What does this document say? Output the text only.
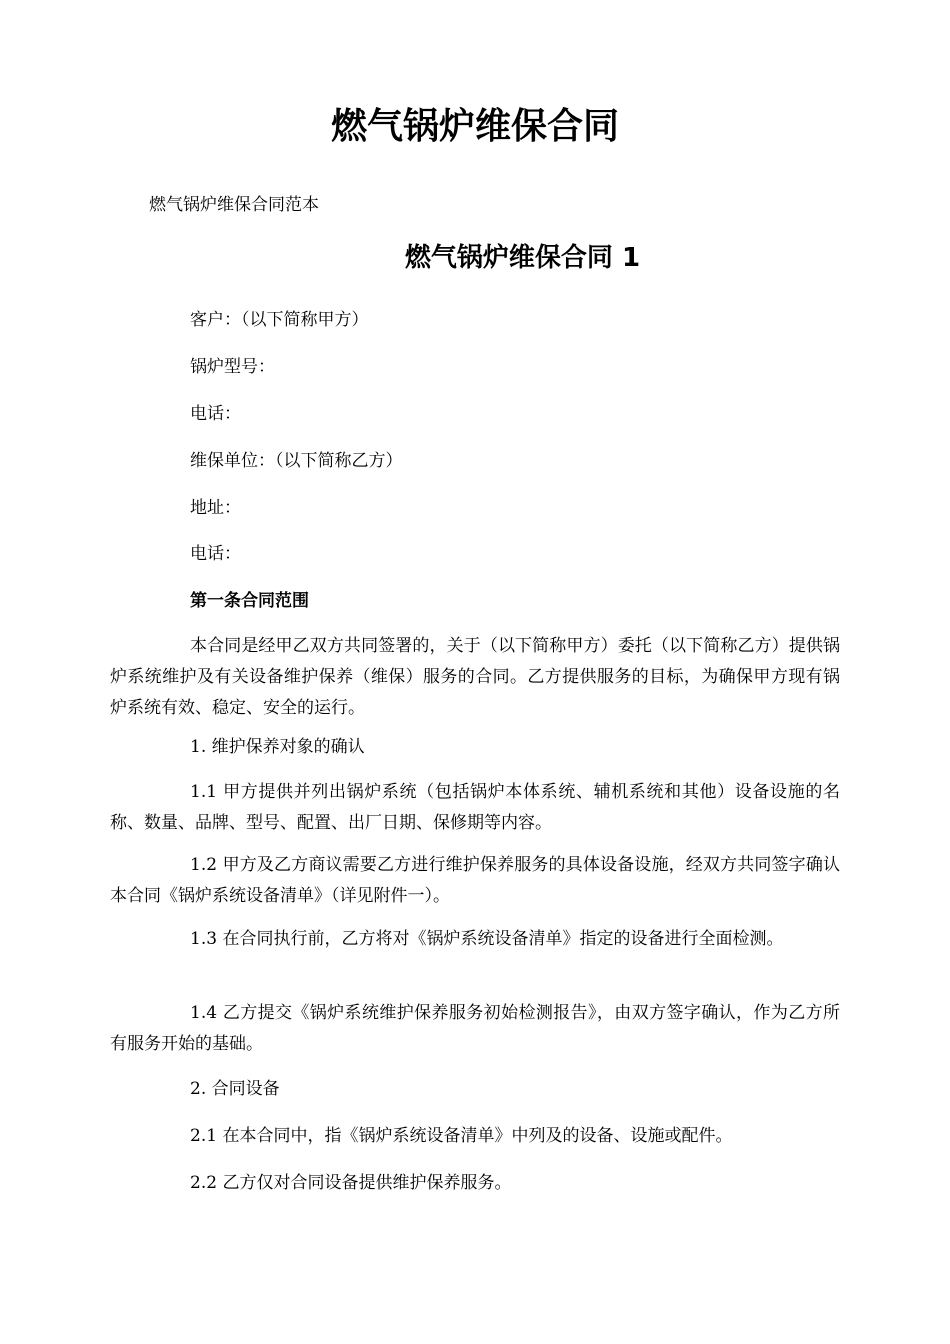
燃气锅炉维保合同

燃气锅炉维保合同范本

燃气锅炉维保合同 1

客户：（以下简称甲方）

锅炉型号：

电话：

维保单位：（以下简称乙方）

地址：

电话：

第一条合同范围

本合同是经甲乙双方共同签署的，关于（以下简称甲方）委托（以下简称乙方）提供锅炉系统维护及有关设备维护保养（维保）服务的合同。乙方提供服务的目标，为确保甲方现有锅炉系统有效、稳定、安全的运行。

1. 维护保养对象的确认

1.1 甲方提供并列出锅炉系统（包括锅炉本体系统、辅机系统和其他）设备设施的名称、数量、品牌、型号、配置、出厂日期、保修期等内容。

1.2 甲方及乙方商议需要乙方进行维护保养服务的具体设备设施，经双方共同签字确认本合同《锅炉系统设备清单》（详见附件一）。

1.3 在合同执行前，乙方将对《锅炉系统设备清单》指定的设备进行全面检测。

1.4 乙方提交《锅炉系统维护保养服务初始检测报告》，由双方签字确认，作为乙方所有服务开始的基础。

2. 合同设备

2.1 在本合同中，指《锅炉系统设备清单》中列及的设备、设施或配件。

2.2 乙方仅对合同设备提供维护保养服务。
